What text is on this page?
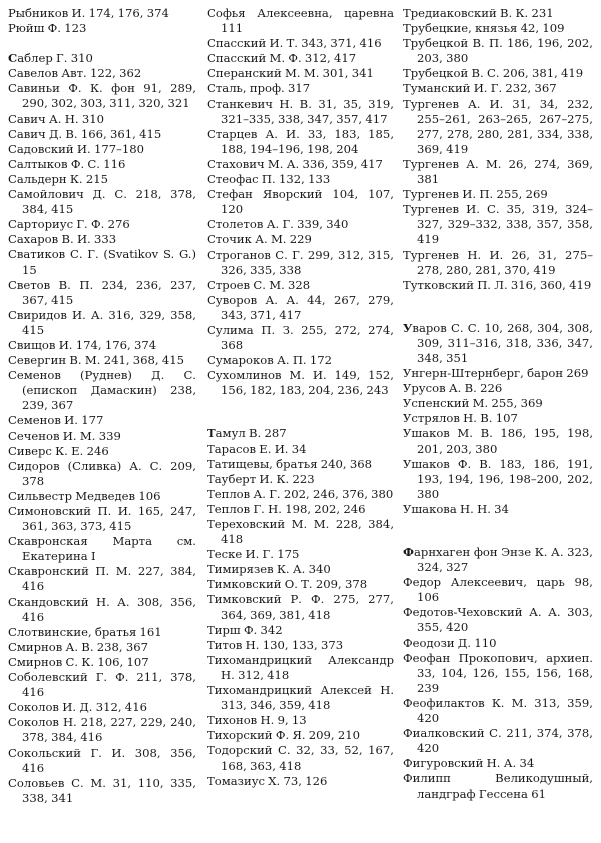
Рыбников И. 174, 176, 374
Рюйш Ф. 123
Саблер Г. 310
Савелов Авт. 122, 362
Савиньи Ф. К. фон 91, 289, 290, 302, 303, 311, 320, 321
Савич А. Н. 310
Савич Д. В. 166, 361, 415
Садовский И. 177–180
Салтыков Ф. С. 116
Сальдерн К. 215
Самойлович Д. С. 218, 378, 384, 415
Сарториус Г. Ф. 276
Сахаров В. И. 333
Сватиков С. Г. (Svatikov S. G.) 15
Светов В. П. 234, 236, 237, 367, 415
Свиридов И. А. 316, 329, 358, 415
Свищов И. 174, 176, 374
Севергин В. М. 241, 368, 415
Семенов (Руднев) Д. С. (епископ Дамаскин) 238, 239, 367
Семенов И. 177
Сеченов И. М. 339
Сиверс К. Е. 246
Сидоров (Сливка) А. С. 209, 378
Сильвестр Медведев 106
Симоновский П. И. 165, 247, 361, 363, 373, 415
Скавронская Марта см. Екатерина I
Скавронский П. М. 227, 384, 416
Скандовский Н. А. 308, 356, 416
Слотвинские, братья 161
Смирнов А. В. 238, 367
Смирнов С. К. 106, 107
Соболевский Г. Ф. 211, 378, 416
Соколов И. Д. 312, 416
Соколов Н. 218, 227, 229, 240, 378, 384, 416
Сокольский Г. И. 308, 356, 416
Соловьев С. М. 31, 110, 335, 338, 341
Софья Алексеевна, царевна 111
Спасский И. Т. 343, 371, 416
Спасский М. Ф. 312, 417
Сперанский М. М. 301, 341
Сталь, проф. 317
Станкевич Н. В. 31, 35, 319, 321–335, 338, 347, 357, 417
Старцев А. И. 33, 183, 185, 188, 194–196, 198, 204
Стахович М. А. 336, 359, 417
Стеофас П. 132, 133
Стефан Яворский 104, 107, 120
Столетов А. Г. 339, 340
Сточик А. М. 229
Строганов С. Г. 299, 312, 315, 326, 335, 338
Строев С. М. 328
Суворов А. А. 44, 267, 279, 343, 371, 417
Сулима П. З. 255, 272, 274, 368
Сумароков А. П. 172
Сухомлинов М. И. 149, 152, 156, 182, 183, 204, 236, 243
Тамул В. 287
Тарасов Е. И. 34
Татищевы, братья 240, 368
Тауберт И. К. 223
Теплов А. Г. 202, 246, 376, 380
Теплов Г. Н. 198, 202, 246
Тереховский М. М. 228, 384, 418
Теске И. Г. 175
Тимирязев К. А. 340
Тимковский О. Т. 209, 378
Тимковский Р. Ф. 275, 277, 364, 369, 381, 418
Тирш Ф. 342
Титов Н. 130, 133, 373
Тихомандрицкий Александр Н. 312, 418
Тихомандрицкий Алексей Н. 313, 346, 359, 418
Тихонов Н. 9, 13
Тихорский Ф. Я. 209, 210
Тодорский С. 32, 33, 52, 167, 168, 363, 418
Томазиус Х. 73, 126
Тредиаковский В. К. 231
Трубецкие, князья 42, 109
Трубецкой В. П. 186, 196, 202, 203, 380
Трубецкой В. С. 206, 381, 419
Туманский И. Г. 232, 367
Тургенев А. И. 31, 34, 232, 255–261, 263–265, 267–275, 277, 278, 280, 281, 334, 338, 369, 419
Тургенев А. М. 26, 274, 369, 381
Тургенев И. П. 255, 269
Тургенев И. С. 35, 319, 324–327, 329–332, 338, 357, 358, 419
Тургенев Н. И. 26, 31, 275–278, 280, 281, 370, 419
Тутковский П. Л. 316, 360, 419
Уваров С. С. 10, 268, 304, 308, 309, 311–316, 318, 336, 347, 348, 351
Унгерн-Штернберг, барон 269
Урусов А. В. 226
Успенский М. 255, 369
Устрялов Н. В. 107
Ушаков М. В. 186, 195, 198, 201, 203, 380
Ушаков Ф. В. 183, 186, 191, 193, 194, 196, 198–200, 202, 380
Ушакова Н. Н. 34
Фарнхаген фон Энзе К. А. 323, 324, 327
Федор Алексеевич, царь 98, 106
Федотов-Чеховский А. А. 303, 355, 420
Феодози Д. 110
Феофан Прокопович, архиеп. 33, 104, 126, 155, 156, 168, 239
Феофилактов К. М. 313, 359, 420
Фиалковский С. 211, 374, 378, 420
Фигуровский Н. А. 34
Филипп Великодушный, ландграф Гессена 61
